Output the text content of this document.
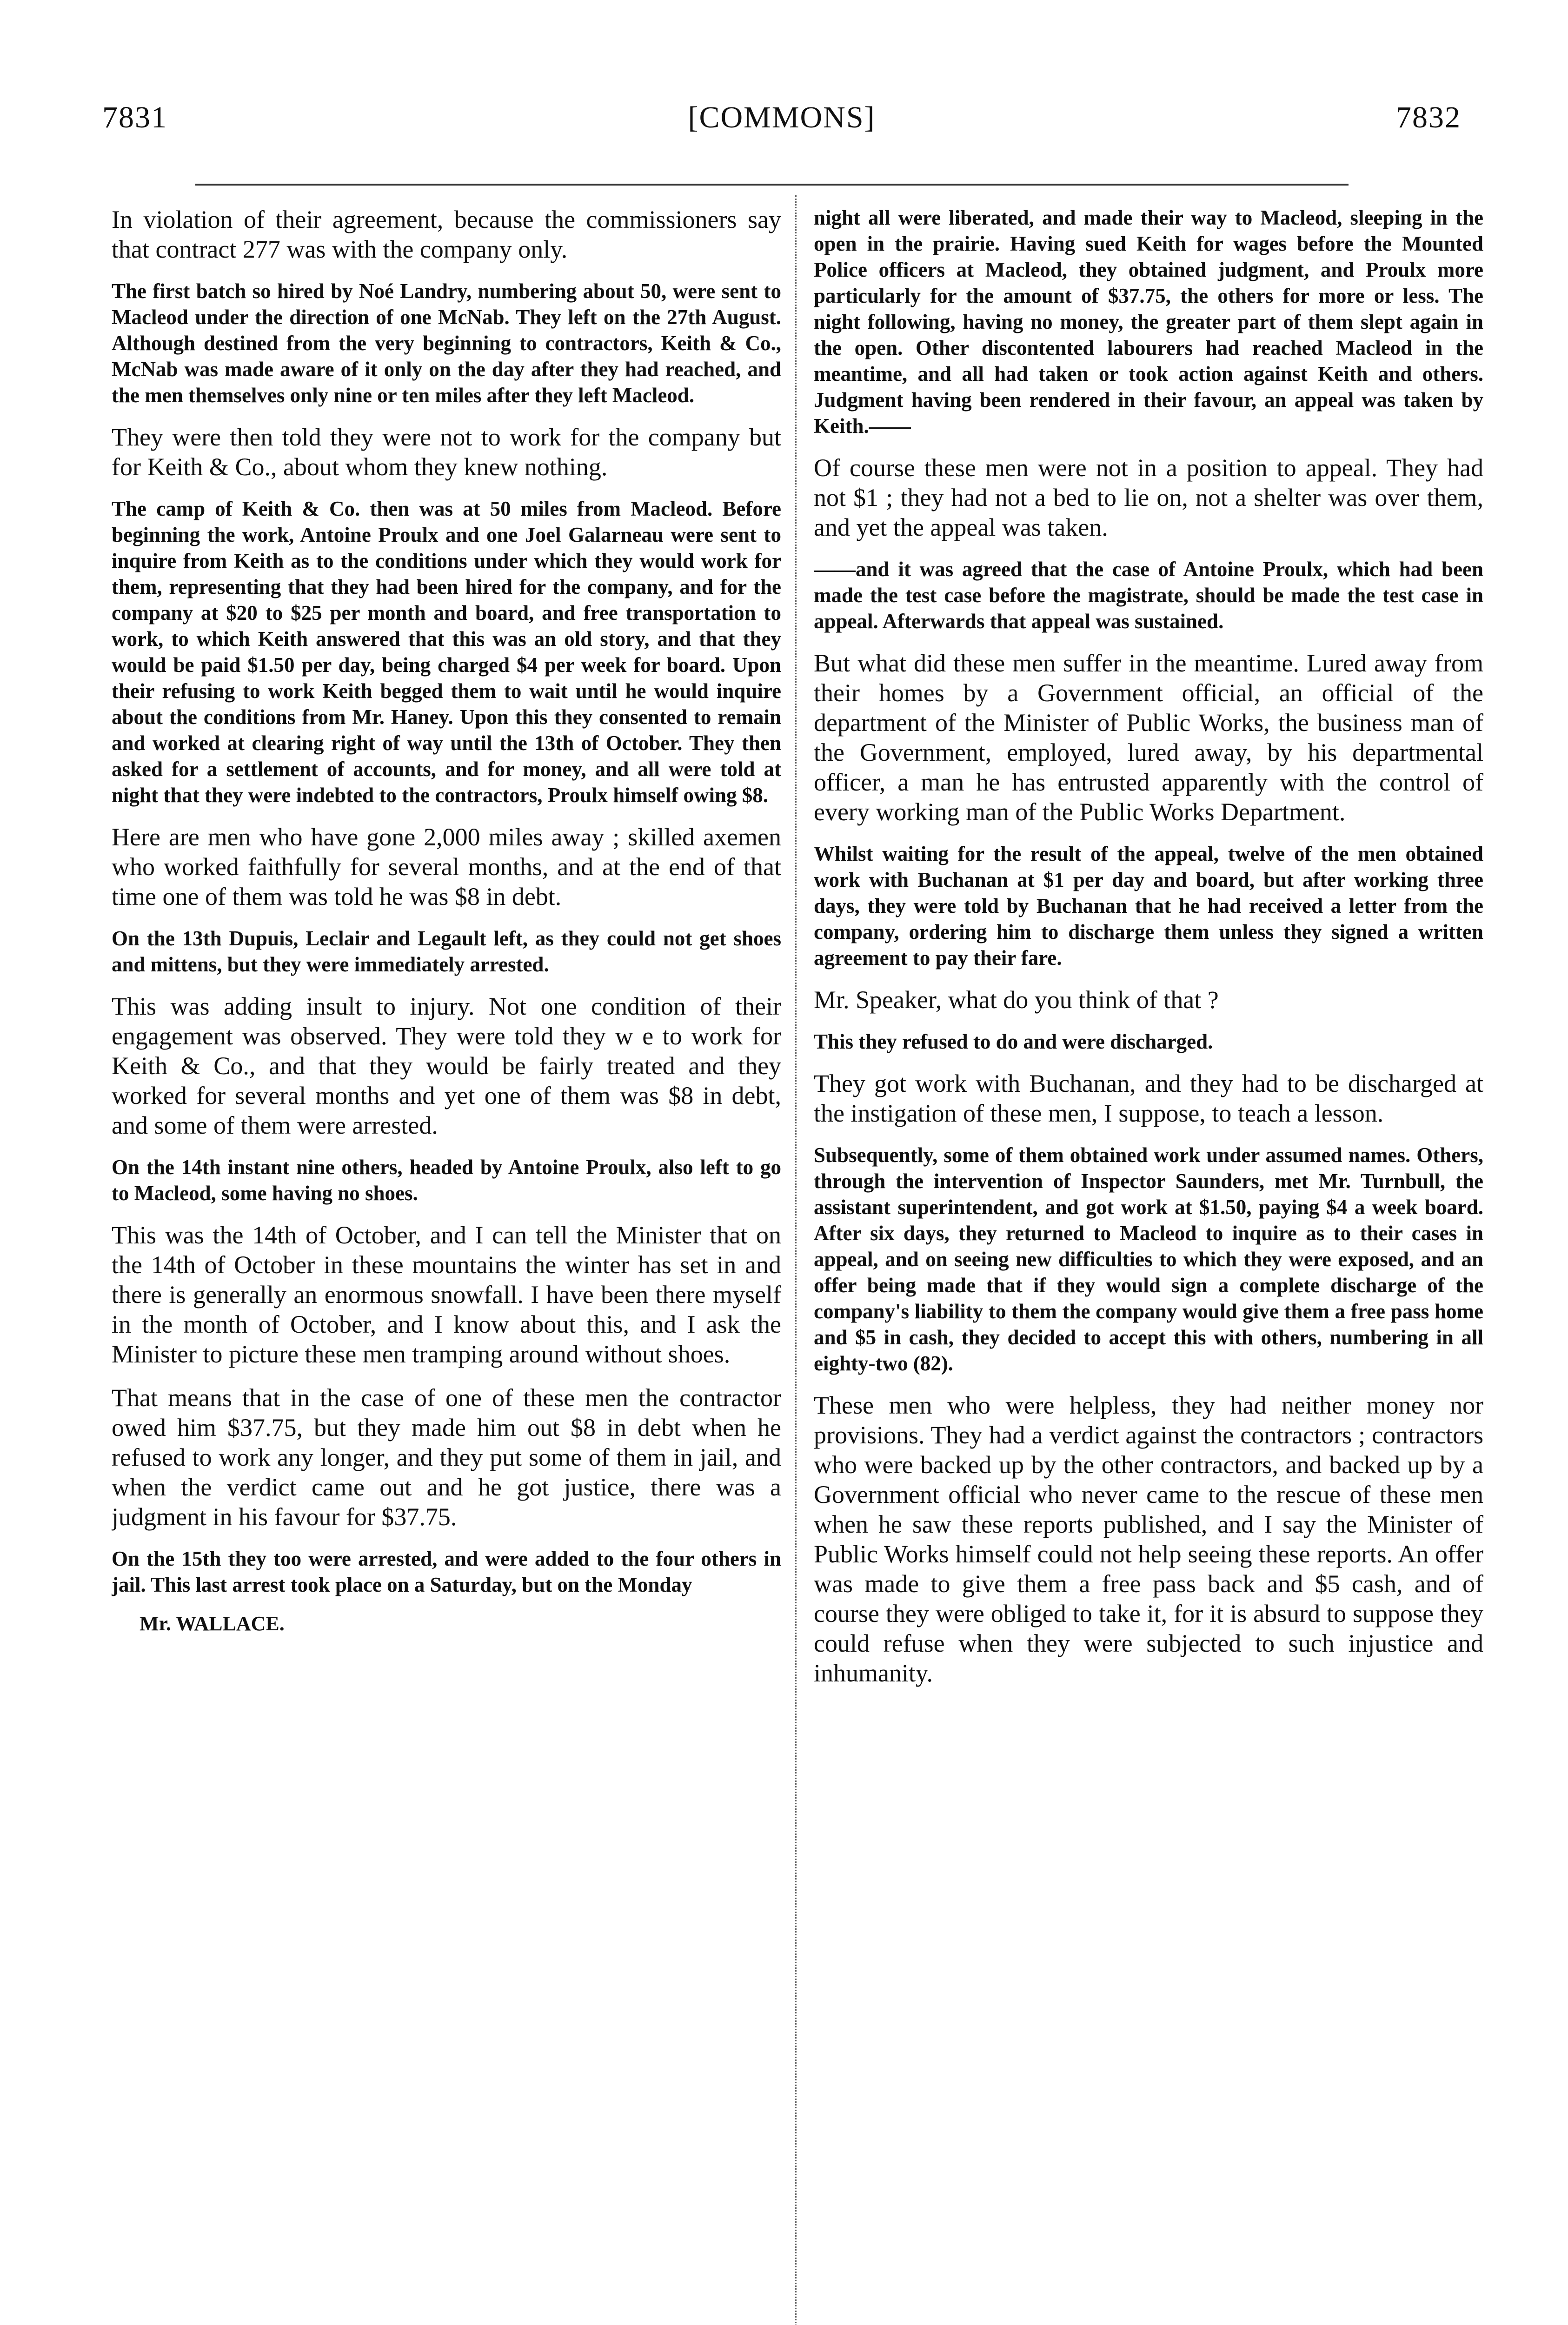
7831	[COMMONS]	7832

In violation of their agreement, because the commissioners say that contract 277 was with the company only.

The first batch so hired by Noé Landry, numbering about 50, were sent to Macleod under the direction of one McNab. They left on the 27th August. Although destined from the very beginning to contractors, Keith & Co., McNab was made aware of it only on the day after they had reached, and the men themselves only nine or ten miles after they left Macleod.

They were then told they were not to work for the company but for Keith & Co., about whom they knew nothing.

The camp of Keith & Co. then was at 50 miles from Macleod. Before beginning the work, Antoine Proulx and one Joel Galarneau were sent to inquire from Keith as to the conditions under which they would work for them, representing that they had been hired for the company, and for the company at $20 to $25 per month and board, and free transportation to work, to which Keith answered that this was an old story, and that they would be paid $1.50 per day, being charged $4 per week for board. Upon their refusing to work Keith begged them to wait until he would inquire about the conditions from Mr. Haney. Upon this they consented to remain and worked at clearing right of way until the 13th of October. They then asked for a settlement of accounts, and for money, and all were told at night that they were indebted to the contractors, Proulx himself owing $8.

Here are men who have gone 2,000 miles away ; skilled axemen who worked faithfully for several months, and at the end of that time one of them was told he was $8 in debt.

On the 13th Dupuis, Leclair and Legault left, as they could not get shoes and mittens, but they were immediately arrested.

This was adding insult to injury. Not one condition of their engagement was observed. They were told they w e to work for Keith & Co., and that they would be fairly treated and they worked for several months and yet one of them was $8 in debt, and some of them were arrested.

On the 14th instant nine others, headed by Antoine Proulx, also left to go to Macleod, some having no shoes.

This was the 14th of October, and I can tell the Minister that on the 14th of October in these mountains the winter has set in and there is generally an enormous snowfall. I have been there myself in the month of October, and I know about this, and I ask the Minister to picture these men tramping around without shoes.

That means that in the case of one of these men the contractor owed him $37.75, but they made him out $8 in debt when he refused to work any longer, and they put some of them in jail, and when the verdict came out and he got justice, there was a judgment in his favour for $37.75.

On the 15th they too were arrested, and were added to the four others in jail. This last arrest took place on a Saturday, but on the Monday

Mr. WALLACE.

night all were liberated, and made their way to Macleod, sleeping in the open in the prairie. Having sued Keith for wages before the Mounted Police officers at Macleod, they obtained judgment, and Proulx more particularly for the amount of $37.75, the others for more or less. The night following, having no money, the greater part of them slept again in the open. Other discontented labourers had reached Macleod in the meantime, and all had taken or took action against Keith and others. Judgment having been rendered in their favour, an appeal was taken by Keith.——

Of course these men were not in a position to appeal. They had not $1 ; they had not a bed to lie on, not a shelter was over them, and yet the appeal was taken.

——and it was agreed that the case of Antoine Proulx, which had been made the test case before the magistrate, should be made the test case in appeal. Afterwards that appeal was sustained.

But what did these men suffer in the meantime. Lured away from their homes by a Government official, an official of the department of the Minister of Public Works, the business man of the Government, employed, lured away, by his departmental officer, a man he has entrusted apparently with the control of every working man of the Public Works Department.

Whilst waiting for the result of the appeal, twelve of the men obtained work with Buchanan at $1 per day and board, but after working three days, they were told by Buchanan that he had received a letter from the company, ordering him to discharge them unless they signed a written agreement to pay their fare.

Mr. Speaker, what do you think of that ?

This they refused to do and were discharged.

They got work with Buchanan, and they had to be discharged at the instigation of these men, I suppose, to teach a lesson.

Subsequently, some of them obtained work under assumed names. Others, through the intervention of Inspector Saunders, met Mr. Turnbull, the assistant superintendent, and got work at $1.50, paying $4 a week board. After six days, they returned to Macleod to inquire as to their cases in appeal, and on seeing new difficulties to which they were exposed, and an offer being made that if they would sign a complete discharge of the company's liability to them the company would give them a free pass home and $5 in cash, they decided to accept this with others, numbering in all eighty-two (82).

These men who were helpless, they had neither money nor provisions. They had a verdict against the contractors ; contractors who were backed up by the other contractors, and backed up by a Government official who never came to the rescue of these men when he saw these reports published, and I say the Minister of Public Works himself could not help seeing these reports. An offer was made to give them a free pass back and $5 cash, and of course they were obliged to take it, for it is absurd to suppose they could refuse when they were subjected to such injustice and inhumanity.
